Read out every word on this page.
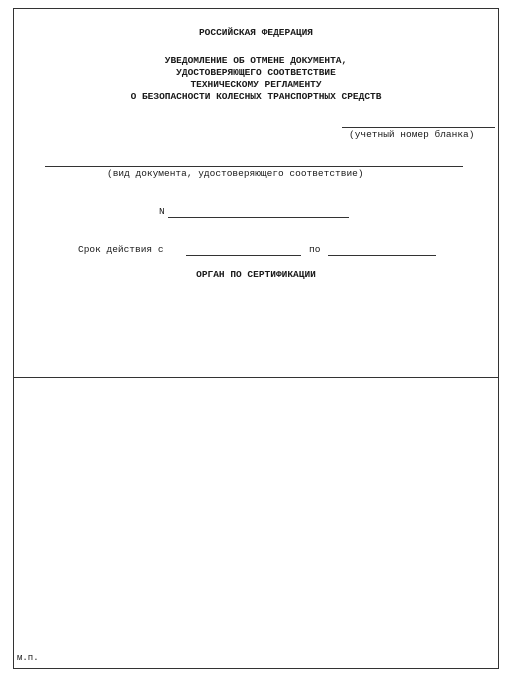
РОССИЙСКАЯ ФЕДЕРАЦИЯ
УВЕДОМЛЕНИЕ ОБ ОТМЕНЕ ДОКУМЕНТА,
УДОСТОВЕРЯЮЩЕГО СООТВЕТСТВИЕ
ТЕХНИЧЕСКОМУ РЕГЛАМЕНТУ
О БЕЗОПАСНОСТИ КОЛЕСНЫХ ТРАНСПОРТНЫХ СРЕДСТВ
(учетный номер бланка)
(вид документа, удостоверяющего соответствие)
N
Срок действия с	по
ОРГАН ПО СЕРТИФИКАЦИИ
м.п.
